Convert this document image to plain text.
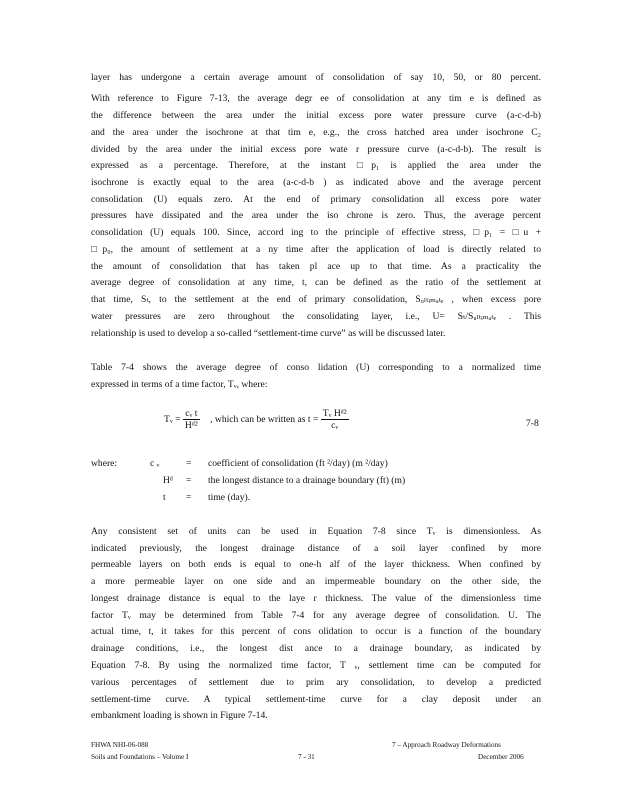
layer has undergone a certain average amount of consolidation of say 10, 50, or 80 percent.
With reference to Figure 7-13, the average degr ee of consolidation at any tim e is defined as
the difference between the area under the initial excess pore water pressure curve (a-c-d-b)
and the area under the isochrone at that tim e, e.g., the cross hatched area under isochrone C₂
divided by the area under the initial excess pore wate r pressure curve (a-c-d-b). The result is
expressed as a percentage. Therefore, at the instant □p₁ is applied the area under the
isochrone is exactly equal to the area (a-c-d-b ) as indicated above and the average percent
consolidation (U) equals zero. At the end of primary consolidation all excess pore water
pressures have dissipated and the area under the iso chrone is zero. Thus, the average percent
consolidation (U) equals 100. Since, accord ing to the principle of effective stress, □p₁ = □u +
□p₀, the amount of settlement at a ny time after the application of load is directly related to
the amount of consolidation that has taken pl ace up to that time. As a practicality the
average degree of consolidation at any time, t, can be defined as the ratio of the settlement at
that time, Sₜ, to the settlement at the end of primary consolidation, Sᵤₗₜᵢₘₐₜₑ , when excess pore
water pressures are zero throughout the consolidating layer, i.e., U= Sₜ/Sᵤₗₜᵢₘₐₜₑ . This
relationship is used to develop a so-called “settlement-time curve” as will be discussed later.
Table 7-4 shows the average degree of conso lidation (U) corresponding to a normalized time
expressed in terms of a time factor, Tᵥ, where:
Tᵥ = $\frac{\text{cᵥ t}}{\text{Hᵈ²}}$ , which can be written as $t = \frac{\text{Tᵥ Hᵈ²}}{\text{cᵥ}}$	7-8
where:	c ᵥ	= coefficient of consolidation (ft ²/day) (m ²/day)
Hᵈ = the longest distance to a drainage boundary (ft) (m)
t = time (day).
Any consistent set of units can be used in Equation 7-8 since Tᵥ is dimensionless. As
indicated previously, the longest drainage distance of a soil layer confined by more
permeable layers on both ends is equal to one-h alf of the layer thickness. When confined by
a more permeable layer on one side and an impermeable boundary on the other side, the
longest drainage distance is equal to the laye r thickness. The value of the dimensionless time
factor Tᵥ may be determined from Table 7-4 for any average degree of consolidation. U. The
actual time, t, it takes for this percent of cons olidation to occur is a function of the boundary
drainage conditions, i.e., the longest dist ance to a drainage boundary, as indicated by
Equation 7-8. By using the normalized time factor, T ᵥ, settlement time can be computed for
various percentages of settlement due to prim ary consolidation, to develop a predicted
settlement-time curve. A typical settlement-time curve for a clay deposit under an
embankment loading is shown in Figure 7-14.
FHWA NHI-06-088
Soils and Foundations – Volume I	7 - 31
7 – Approach Roadway Deformations
December 2006
